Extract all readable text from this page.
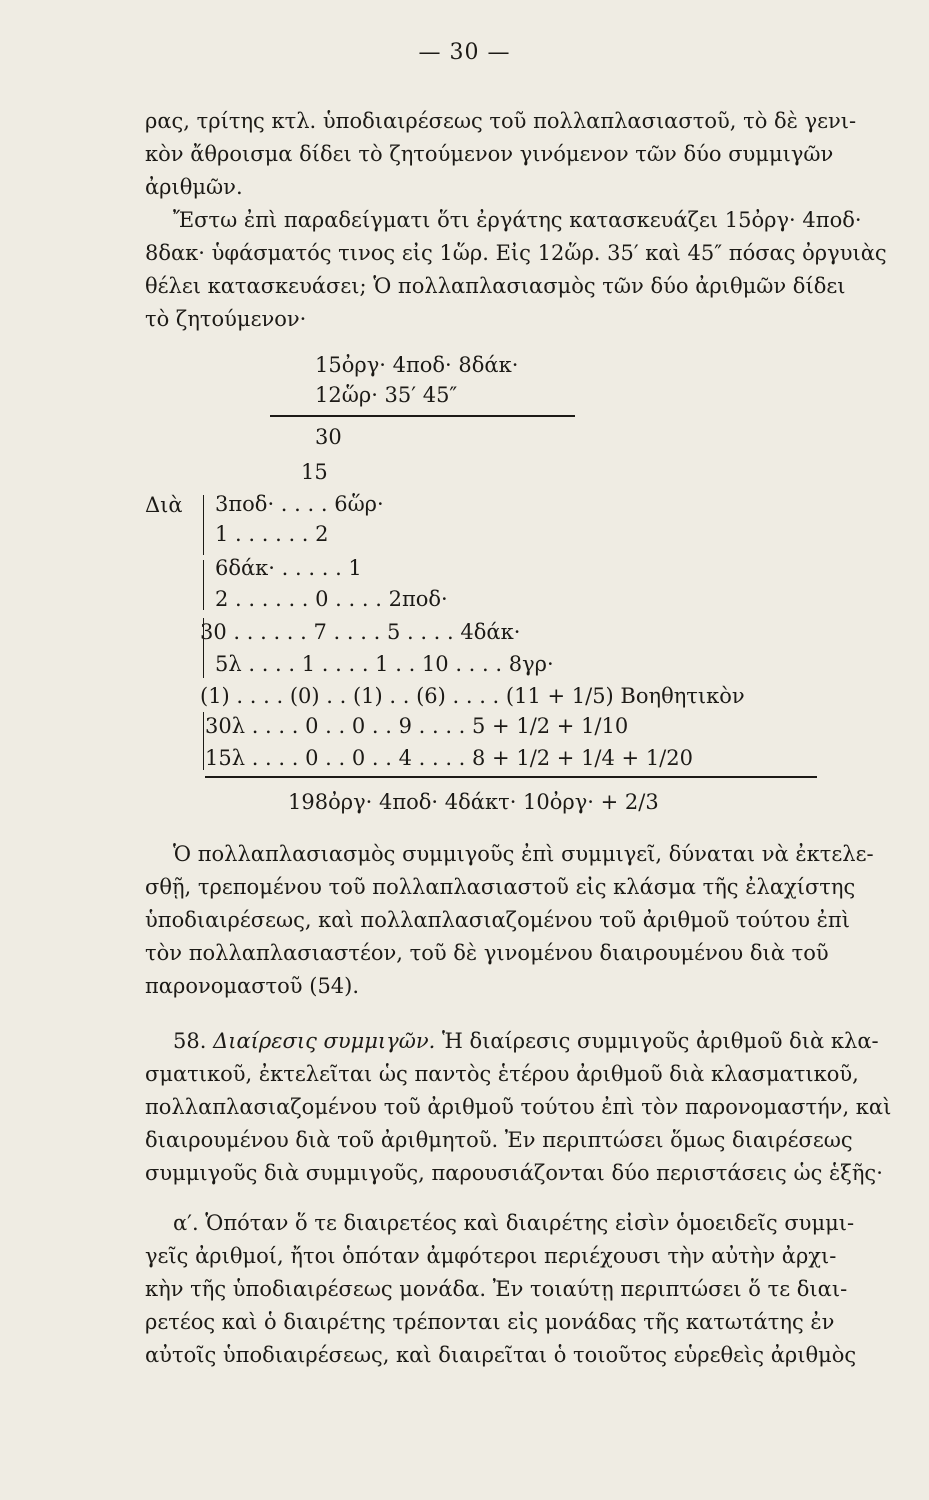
— 30 —
ρας, τρίτης κτλ. ὑποδιαιρέσεως τοῦ πολλαπλασιαστοῦ, τὸ δὲ γενι-
κὸν ἄθροισμα δίδει τὸ ζητούμενον γινόμενον τῶν δύο συμμιγῶν
ἀριθμῶν.
Ἔστω ἐπὶ παραδείγματι ὅτι ἐργάτης κατασκευάζει 15ὀργ· 4ποδ·
8δακ· ὑφάσματός τινος εἰς 1ὥρ. Εἰς 12ὥρ. 35′ καὶ 45″ πόσας ὀργυιὰς
θέλει κατασκευάσει; Ὁ πολλαπλασιασμὸς τῶν δύο ἀριθμῶν δίδει
τὸ ζητούμενον·
15ὀργ· 4ποδ· 8δάκ·
12ὥρ· 35′ 45″
30
15
Διὰ 3ποδ· . . . . 6ὥρ·
1 . . . . . . 2
6δάκ· . . . . . 1
2 . . . . . . 0 . . . . 2ποδ·
30 . . . . . . 7 . . . . 5 . . . . 4δάκ·
5λ . . . . 1 . . . . 1 . . 10 . . . . 8γρ·
(1) . . . . (0) . . (1) . . (6) . . . . (11 + 1/5) Βοηθητικὸν
30λ . . . . 0 . . 0 . . 9 . . . . 5 + 1/2 + 1/10
15λ . . . . 0 . . 0 . . 4 . . . . 8 + 1/2 + 1/4 + 1/20
198ὀργ· 4ποδ· 4δάκτ· 10ὀργ· + 2/3
Ὁ πολλαπλασιασμὸς συμμιγοῦς ἐπὶ συμμιγεῖ, δύναται νὰ ἐκτελε-
σθῇ, τρεπομένου τοῦ πολλαπλασιαστοῦ εἰς κλάσμα τῆς ἐλαχίστης
ὑποδιαιρέσεως, καὶ πολλαπλασιαζομένου τοῦ ἀριθμοῦ τούτου ἐπὶ
τὸν πολλαπλασιαστέον, τοῦ δὲ γινομένου διαιρουμένου διὰ τοῦ
παρονομαστοῦ (54).
58. Διαίρεσις συμμιγῶν. Ἡ διαίρεσις συμμιγοῦς ἀριθμοῦ διὰ κλα-
σματικοῦ, ἐκτελεῖται ὡς παντὸς ἑτέρου ἀριθμοῦ διὰ κλασματικοῦ,
πολλαπλασιαζομένου τοῦ ἀριθμοῦ τούτου ἐπὶ τὸν παρονομαστήν, καὶ
διαιρουμένου διὰ τοῦ ἀριθμητοῦ. Ἐν περιπτώσει ὅμως διαιρέσεως
συμμιγοῦς διὰ συμμιγοῦς, παρουσιάζονται δύο περιστάσεις ὡς ἑξῆς·
α′. Ὁπόταν ὅ τε διαιρετέος καὶ διαιρέτης εἰσὶν ὁμοειδεῖς συμμι-
γεῖς ἀριθμοί, ἤτοι ὁπόταν ἀμφότεροι περιέχουσι τὴν αὐτὴν ἀρχι-
κὴν τῆς ὑποδιαιρέσεως μονάδα. Ἐν τοιαύτῃ περιπτώσει ὅ τε διαι-
ρετέος καὶ ὁ διαιρέτης τρέπονται εἰς μονάδας τῆς κατωτάτης ἐν
αὐτοῖς ὑποδιαιρέσεως, καὶ διαιρεῖται ὁ τοιοῦτος εὑρεθεὶς ἀριθμὸς
